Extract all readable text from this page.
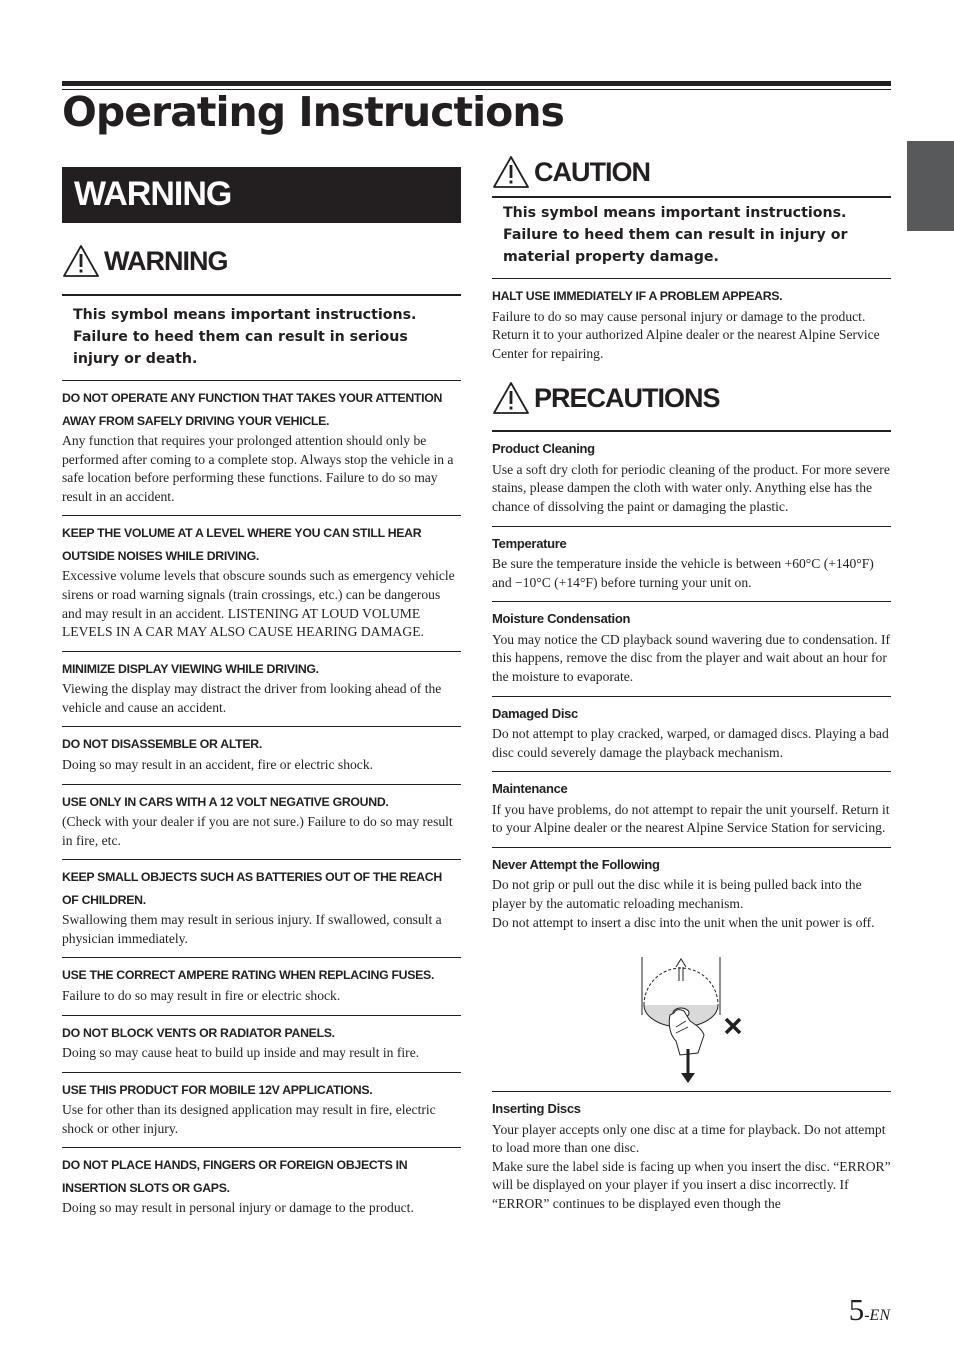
Operating Instructions
WARNING
WARNING
This symbol means important instructions. Failure to heed them can result in serious injury or death.
DO NOT OPERATE ANY FUNCTION THAT TAKES YOUR ATTENTION AWAY FROM SAFELY DRIVING YOUR VEHICLE.
Any function that requires your prolonged attention should only be performed after coming to a complete stop. Always stop the vehicle in a safe location before performing these functions. Failure to do so may result in an accident.
KEEP THE VOLUME AT A LEVEL WHERE YOU CAN STILL HEAR OUTSIDE NOISES WHILE DRIVING.
Excessive volume levels that obscure sounds such as emergency vehicle sirens or road warning signals (train crossings, etc.) can be dangerous and may result in an accident. LISTENING AT LOUD VOLUME LEVELS IN A CAR MAY ALSO CAUSE HEARING DAMAGE.
MINIMIZE DISPLAY VIEWING WHILE DRIVING.
Viewing the display may distract the driver from looking ahead of the vehicle and cause an accident.
DO NOT DISASSEMBLE OR ALTER.
Doing so may result in an accident, fire or electric shock.
USE ONLY IN CARS WITH A 12 VOLT NEGATIVE GROUND.
(Check with your dealer if you are not sure.) Failure to do so may result in fire, etc.
KEEP SMALL OBJECTS SUCH AS BATTERIES OUT OF THE REACH OF CHILDREN.
Swallowing them may result in serious injury. If swallowed, consult a physician immediately.
USE THE CORRECT AMPERE RATING WHEN REPLACING FUSES.
Failure to do so may result in fire or electric shock.
DO NOT BLOCK VENTS OR RADIATOR PANELS.
Doing so may cause heat to build up inside and may result in fire.
USE THIS PRODUCT FOR MOBILE 12V APPLICATIONS.
Use for other than its designed application may result in fire, electric shock or other injury.
DO NOT PLACE HANDS, FINGERS OR FOREIGN OBJECTS IN INSERTION SLOTS OR GAPS.
Doing so may result in personal injury or damage to the product.
CAUTION
This symbol means important instructions. Failure to heed them can result in injury or material property damage.
HALT USE IMMEDIATELY IF A PROBLEM APPEARS.
Failure to do so may cause personal injury or damage to the product. Return it to your authorized Alpine dealer or the nearest Alpine Service Center for repairing.
PRECAUTIONS
Product Cleaning
Use a soft dry cloth for periodic cleaning of the product. For more severe stains, please dampen the cloth with water only. Anything else has the chance of dissolving the paint or damaging the plastic.
Temperature
Be sure the temperature inside the vehicle is between +60°C (+140°F) and −10°C (+14°F) before turning your unit on.
Moisture Condensation
You may notice the CD playback sound wavering due to condensation. If this happens, remove the disc from the player and wait about an hour for the moisture to evaporate.
Damaged Disc
Do not attempt to play cracked, warped, or damaged discs. Playing a bad disc could severely damage the playback mechanism.
Maintenance
If you have problems, do not attempt to repair the unit yourself. Return it to your Alpine dealer or the nearest Alpine Service Station for servicing.
Never Attempt the Following
Do not grip or pull out the disc while it is being pulled back into the player by the automatic reloading mechanism.
Do not attempt to insert a disc into the unit when the unit power is off.
Inserting Discs
Your player accepts only one disc at a time for playback. Do not attempt to load more than one disc.
Make sure the label side is facing up when you insert the disc. “ERROR” will be displayed on your player if you insert a disc incorrectly. If “ERROR” continues to be displayed even though the
5-EN
